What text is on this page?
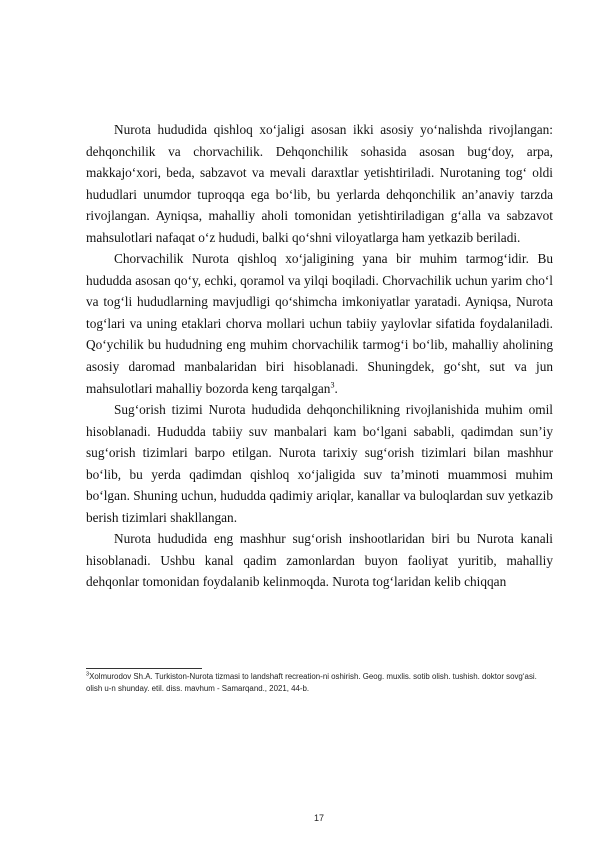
Nurota hududida qishloq xo‘jaligi asosan ikki asosiy yo‘nalishda rivojlangan: dehqonchilik va chorvachilik. Dehqonchilik sohasida asosan bug‘doy, arpa, makkajo‘xori, beda, sabzavot va mevali daraxtlar yetishtiriladi. Nurotaning tog‘ oldi hududlari unumdor tuproqqa ega bo‘lib, bu yerlarda dehqonchilik an’anaviy tarzda rivojlangan. Ayniqsa, mahalliy aholi tomonidan yetishtiriladigan g‘alla va sabzavot mahsulotlari nafaqat o‘z hududi, balki qo‘shni viloyatlarga ham yetkazib beriladi.

Chorvachilik Nurota qishloq xo‘jaligining yana bir muhim tarmog‘idir. Bu hududda asosan qo‘y, echki, qoramol va yilqi boqiladi. Chorvachilik uchun yarim cho‘l va tog‘li hududlarning mavjudligi qo‘shimcha imkoniyatlar yaratadi. Ayniqsa, Nurota tog‘lari va uning etaklari chorva mollari uchun tabiiy yaylovlar sifatida foydalaniladi. Qo‘ychilik bu hududning eng muhim chorvachilik tarmog‘i bo‘lib, mahalliy aholining asosiy daromad manbalaridan biri hisoblanadi. Shuningdek, go‘sht, sut va jun mahsulotlari mahalliy bozorda keng tarqalgan$^3$.

Sug‘orish tizimi Nurota hududida dehqonchilikning rivojlanishida muhim omil hisoblanadi. Hududda tabiiy suv manbalari kam bo‘lgani sababli, qadimdan sun’iy sug‘orish tizimlari barpo etilgan. Nurota tarixiy sug‘orish tizimlari bilan mashhur bo‘lib, bu yerda qadimdan qishloq xo‘jaligida suv ta’minoti muammosi muhim bo‘lgan. Shuning uchun, hududda qadimiy ariqlar, kanallar va buloqlardan suv yetkazib berish tizimlari shakllangan.

Nurota hududida eng mashhur sug‘orish inshootlaridan biri bu Nurota kanali hisoblanadi. Ushbu kanal qadim zamonlardan buyon faoliyat yuritib, mahalliy dehqonlar tomonidan foydalanib kelinmoqda. Nurota tog‘laridan kelib chiqqan

$^3$Xolmurodov Sh.A. Turkiston-Nurota tizmasi to landshaft recreation-ni oshirish. Geog. muxlis. sotib olish. tushish. doktor sovg‘asi. olish u-n shunday. etil. diss. mavhum - Samarqand., 2021, 44-b.
17
